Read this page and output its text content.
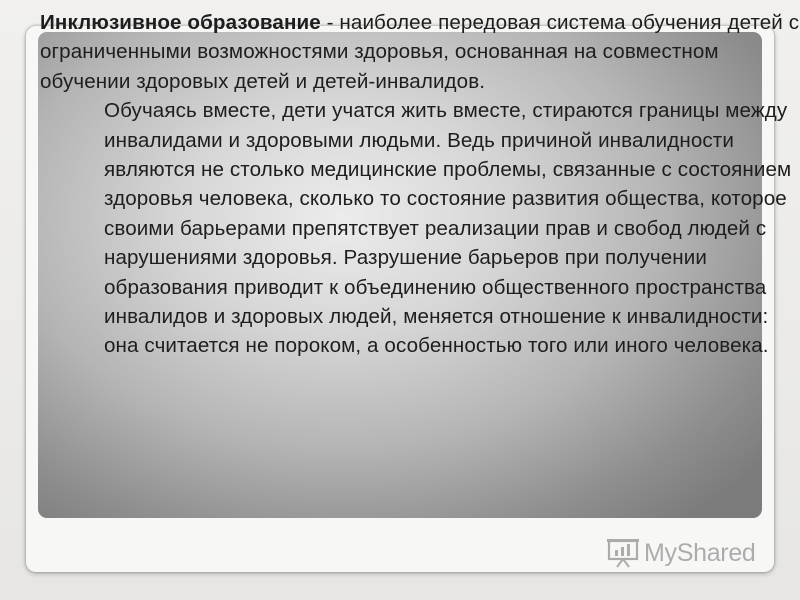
Инклюзивное образование - наиболее передовая система обучения детей с ограниченными возможностями здоровья, основанная на совместном обучении здоровых детей и детей-инвалидов.

Обучаясь вместе, дети учатся жить вместе, стираются границы между инвалидами и здоровыми людьми. Ведь причиной инвалидности являются не столько медицинские проблемы, связанные с состоянием здоровья человека, сколько то состояние развития общества, которое своими барьерами препятствует реализации прав и свобод людей с нарушениями здоровья. Разрушение барьеров при получении образования приводит к объединению общественного пространства инвалидов и здоровых людей, меняется отношение к инвалидности: она считается не пороком, а особенностью того или иного человека.

MyShared
